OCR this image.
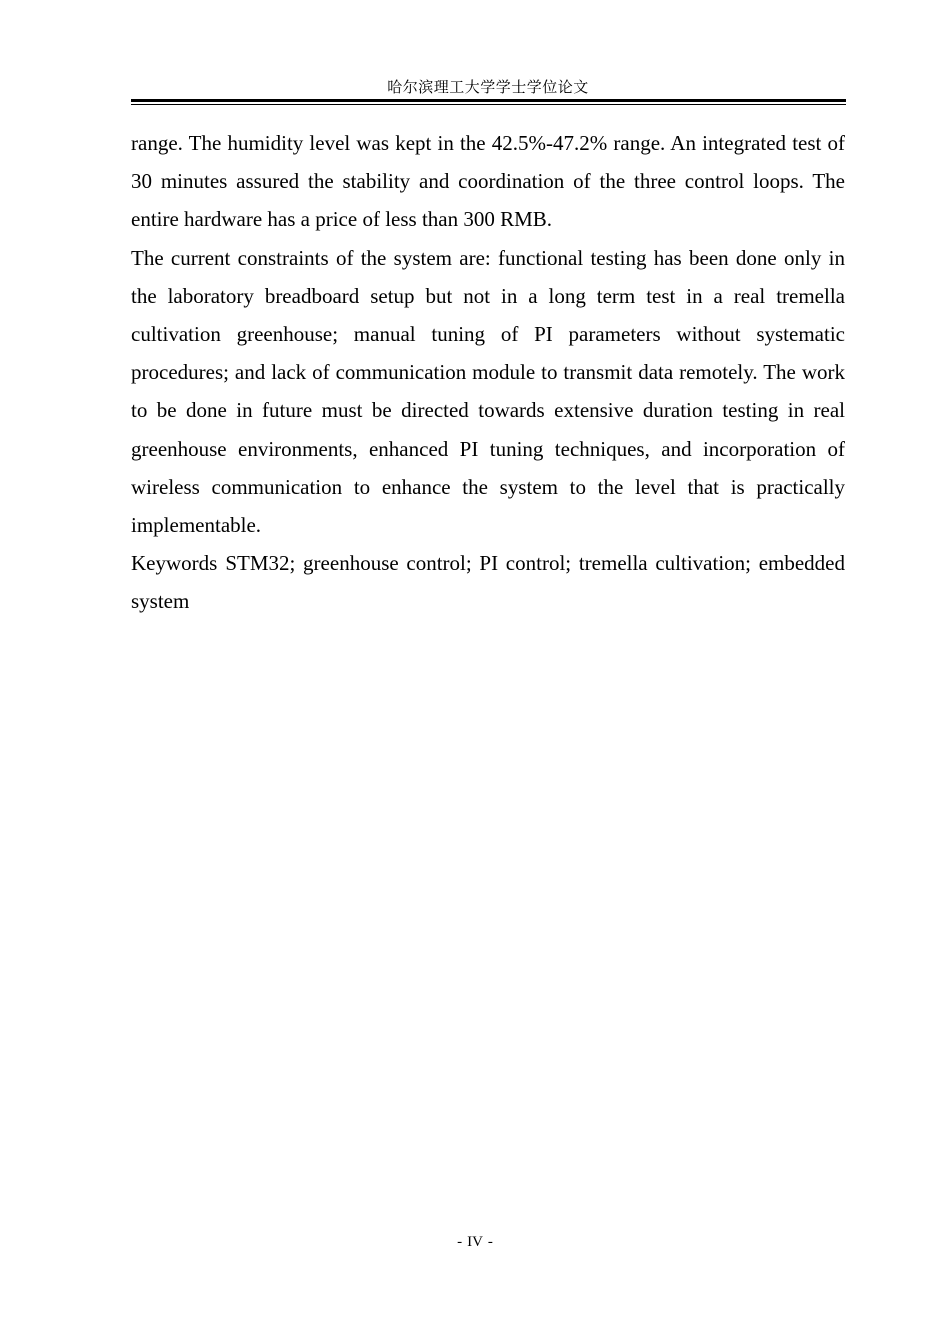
哈尔滨理工大学学士学位论文

range. The humidity level was kept in the 42.5%-47.2% range. An integrated test of 30 minutes assured the stability and coordination of the three control loops. The entire hardware has a price of less than 300 RMB.

The current constraints of the system are: functional testing has been done only in the laboratory breadboard setup but not in a long term test in a real tremella cultivation greenhouse; manual tuning of PI parameters without systematic procedures; and lack of communication module to transmit data remotely. The work to be done in future must be directed towards extensive duration testing in real greenhouse environments, enhanced PI tuning techniques, and incorporation of wireless communication to enhance the system to the level that is practically implementable.

Keywords STM32; greenhouse control; PI control; tremella cultivation; embedded system

- IV -
